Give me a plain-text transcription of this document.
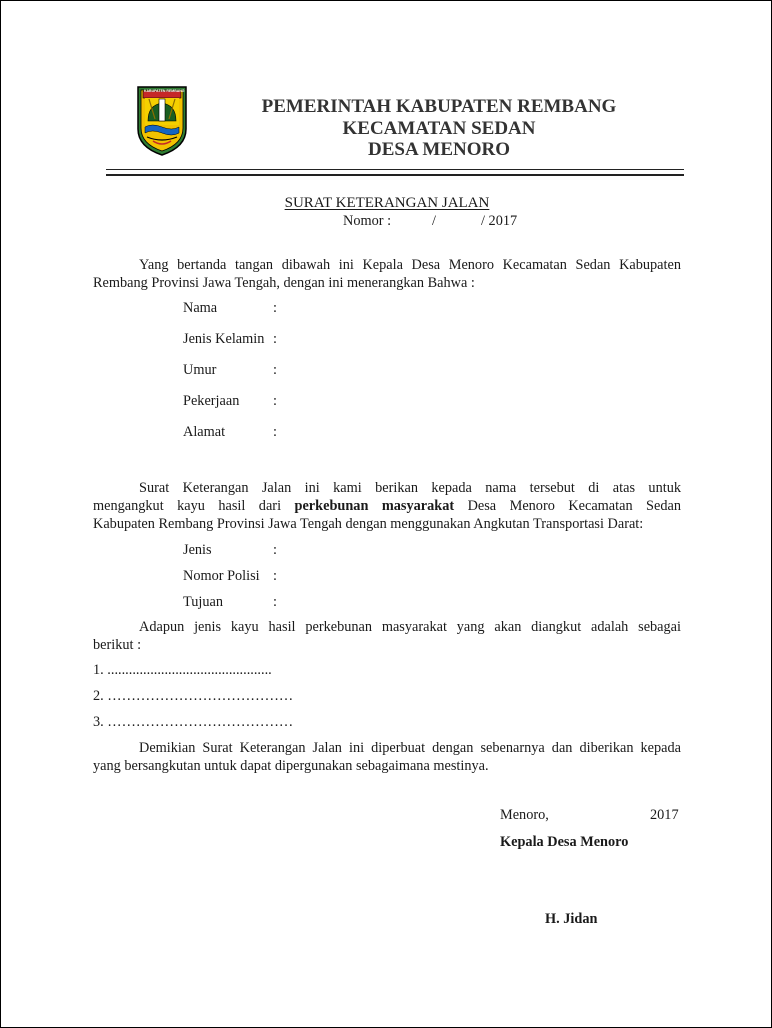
KABUPATEN REMBANG
PEMERINTAH KABUPATEN REMBANG
KECAMATAN SEDAN
DESA MENORO
SURAT KETERANGAN JALAN
Nomor :	/	/ 2017
Yang bertanda tangan dibawah ini Kepala Desa Menoro Kecamatan Sedan Kabupaten
Rembang Provinsi Jawa Tengah, dengan ini menerangkan Bahwa :
Nama	:
Jenis Kelamin :
Umur	:
Pekerjaan :
Alamat	:
Surat Keterangan Jalan ini kami berikan kepada nama tersebut di atas untuk
mengangkut kayu hasil dari perkebunan masyarakat Desa Menoro Kecamatan Sedan
Kabupaten Rembang Provinsi Jawa Tengah dengan menggunakan Angkutan Transportasi Darat:
Jenis	:
Nomor Polisi :
Tujuan	:
Adapun jenis kayu hasil perkebunan masyarakat yang akan diangkut adalah sebagai
berikut :
1. ..............................................
2. …………………………………
3. …………………………………
Demikian Surat Keterangan Jalan ini diperbuat dengan sebenarnya dan diberikan kepada
yang bersangkutan untuk dapat dipergunakan sebagaimana mestinya.
Menoro,	2017
Kepala Desa Menoro
H. Jidan
